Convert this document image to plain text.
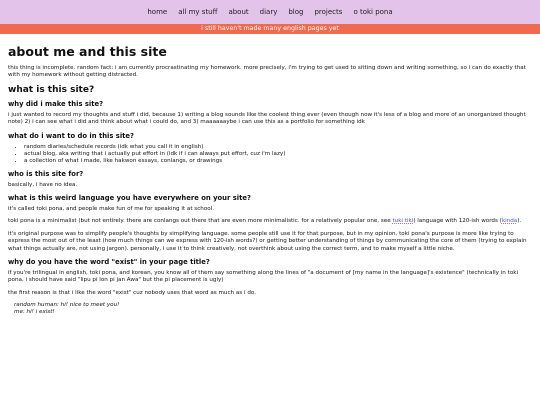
home all my stuff about diary blog projects o toki pona
i still haven't made many english pages yet
about me and this site

this thing is incomplete. random fact: i am currently procrastinating my homework. more precisely, i'm trying to get used to sitting down and writing something, so i can do exactly that with my homework without getting distracted.

what is this site?
why did i make this site?

i just wanted to record my thoughts and stuff i did, because 1) writing a blog sounds like the coolest thing ever (even though now it's less of a blog and more of an unorganized thought note) 2) i can see what i did and think about what i could do, and 3) maaaaaaybe i can use this as a portfolio for something idk

what do i want to do in this site?
• random diaries/schedule records (idk what you call it in english)
• actual blog, aka writing that i actually put effort in (idk if i can always put effort, cuz i'm lazy)
• a collection of what i made, like hakwon essays, conlangs, or drawings
who is this site for?

basically, i have no idea.

what is this weird language you have everywhere on your site?

it's called toki pona, and people make fun of me for speaking it at school.

toki pona is a minimalist (but not entirely. there are conlangs out there that are even more minimalistic. for a relatively popular one, see tuki tiki) language with 120-ish words (kinda).

it's original purpose was to simplify people's thoughts by simplifying language. some people still use it for that purpose, but in my opinion, toki pona's purpose is more like trying to express the most out of the least (how much things can we express with 120-ish words?) or getting better understanding of things by communicating the core of them (trying to explain what things actually are, not using jargon). personally, i use it to think creatively, not overthink about using the correct term, and to make myself a little niche.

why do you have the word "exist" in your page title?

if you're trilingual in english, toki pona, and korean, you know all of them say something along the lines of "a document of [my name in the language]'s existence" (technically in toki pona, i should have said "lipu pi lon pi jan Awa" but the pi placement is ugly)

the first reason is that i like the word "exist" cuz nobody uses that word as much as i do.

random human: hi! nice to meet you!
me: hi! i exist!
